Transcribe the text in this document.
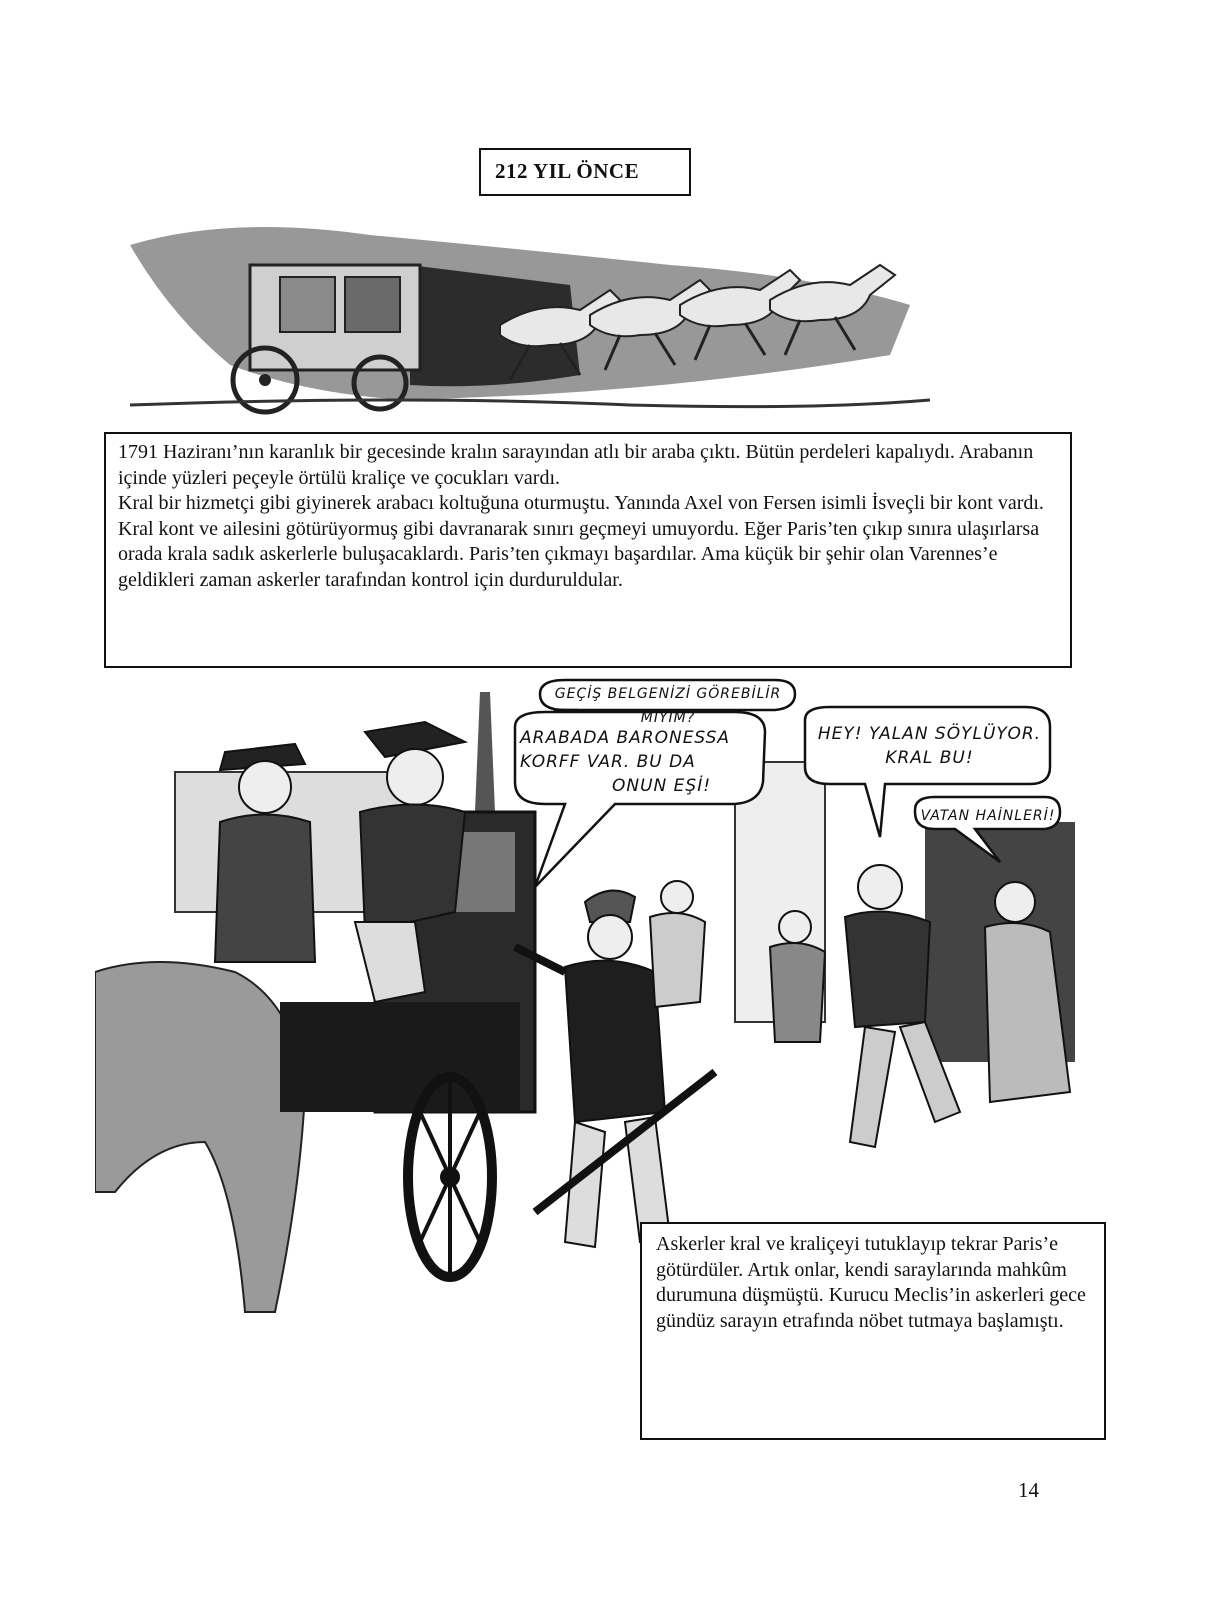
212 YIL ÖNCE

1791 Haziranı’nın karanlık bir gecesinde kralın sarayından atlı bir araba çıktı. Bütün perdeleri kapalıydı. Arabanın içinde yüzleri peçeyle örtülü kraliçe ve çocukları vardı.

Kral bir hizmetçi gibi giyinerek arabacı koltuğuna oturmuştu. Yanında Axel von Fersen isimli İsveçli bir kont vardı. Kral kont ve ailesini götürüyormuş gibi davranarak sınırı geçmeyi umuyordu. Eğer Paris’ten çıkıp sınıra ulaşırlarsa orada krala sadık askerlerle buluşacaklardı. Paris’ten çıkmayı başardılar. Ama küçük bir şehir olan Varennes’e geldikleri zaman askerler tarafından kontrol için durduruldular.

GEÇİŞ BELGENİZİ GÖREBİLİR MİYİM?
ARABADA BARONESSA
KORFF VAR. BU DA
ONUN EŞİ!
HEY! YALAN SÖYLÜYOR.
KRAL BU!
VATAN HAİNLERİ!

Askerler kral ve kraliçeyi tutuklayıp tekrar Paris’e götürdüler. Artık onlar, kendi saraylarında mahkûm durumuna düşmüştü. Kurucu Meclis’in askerleri gece gündüz sarayın etrafında nöbet tutmaya başlamıştı.

14
